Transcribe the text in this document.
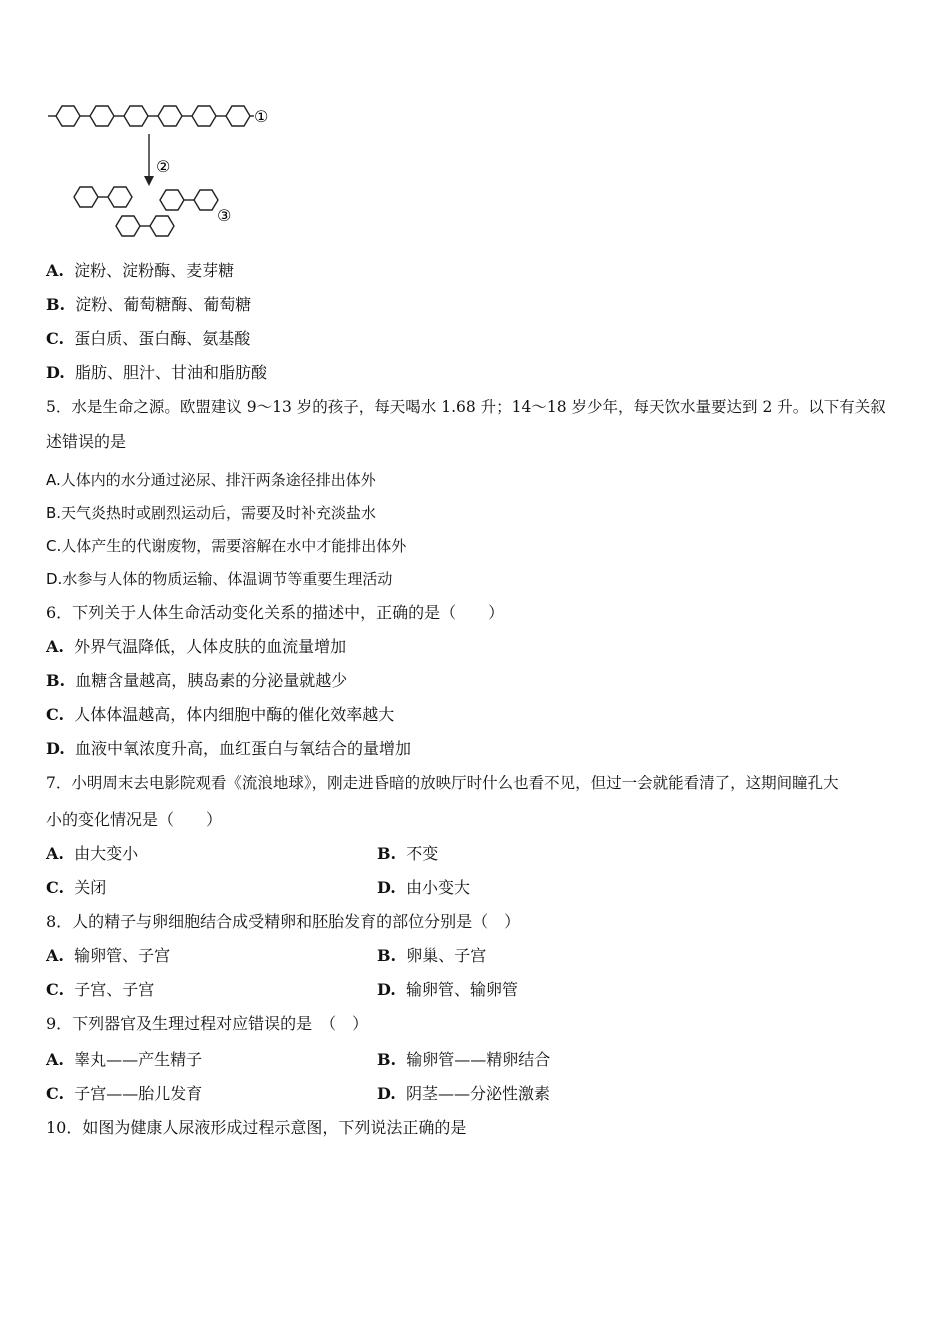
①
②
③
A. 淀粉、淀粉酶、麦芽糖
B. 淀粉、葡萄糖酶、葡萄糖
C. 蛋白质、蛋白酶、氨基酸
D. 脂肪、胆汁、甘油和脂肪酸
5．水是生命之源。欧盟建议 9～13 岁的孩子，每天喝水 1.68 升；14～18 岁少年，每天饮水量要达到 2 升。以下有关叙
述错误的是
A.人体内的水分通过泌尿、排汗两条途径排出体外
B.天气炎热时或剧烈运动后，需要及时补充淡盐水
C.人体产生的代谢废物，需要溶解在水中才能排出体外
D.水参与人体的物质运输、体温调节等重要生理活动
6．下列关于人体生命活动变化关系的描述中，正确的是（　　）
A. 外界气温降低，人体皮肤的血流量增加
B. 血糖含量越高，胰岛素的分泌量就越少
C. 人体体温越高，体内细胞中酶的催化效率越大
D. 血液中氧浓度升高，血红蛋白与氧结合的量增加
7．小明周末去电影院观看《流浪地球》，刚走进昏暗的放映厅时什么也看不见，但过一会就能看清了，这期间瞳孔大
小的变化情况是（　　）
A. 由大变小	B. 不变
C. 关闭	D. 由小变大
8．人的精子与卵细胞结合成受精卵和胚胎发育的部位分别是（　）
A. 输卵管、子宫	B. 卵巢、子宫
C. 子宫、子宫	D. 输卵管、输卵管
9．下列器官及生理过程对应错误的是　（　）
A. 睾丸——产生精子	B. 输卵管——精卵结合
C. 子宫——胎儿发育	D. 阴茎——分泌性激素
10．如图为健康人尿液形成过程示意图，下列说法正确的是
